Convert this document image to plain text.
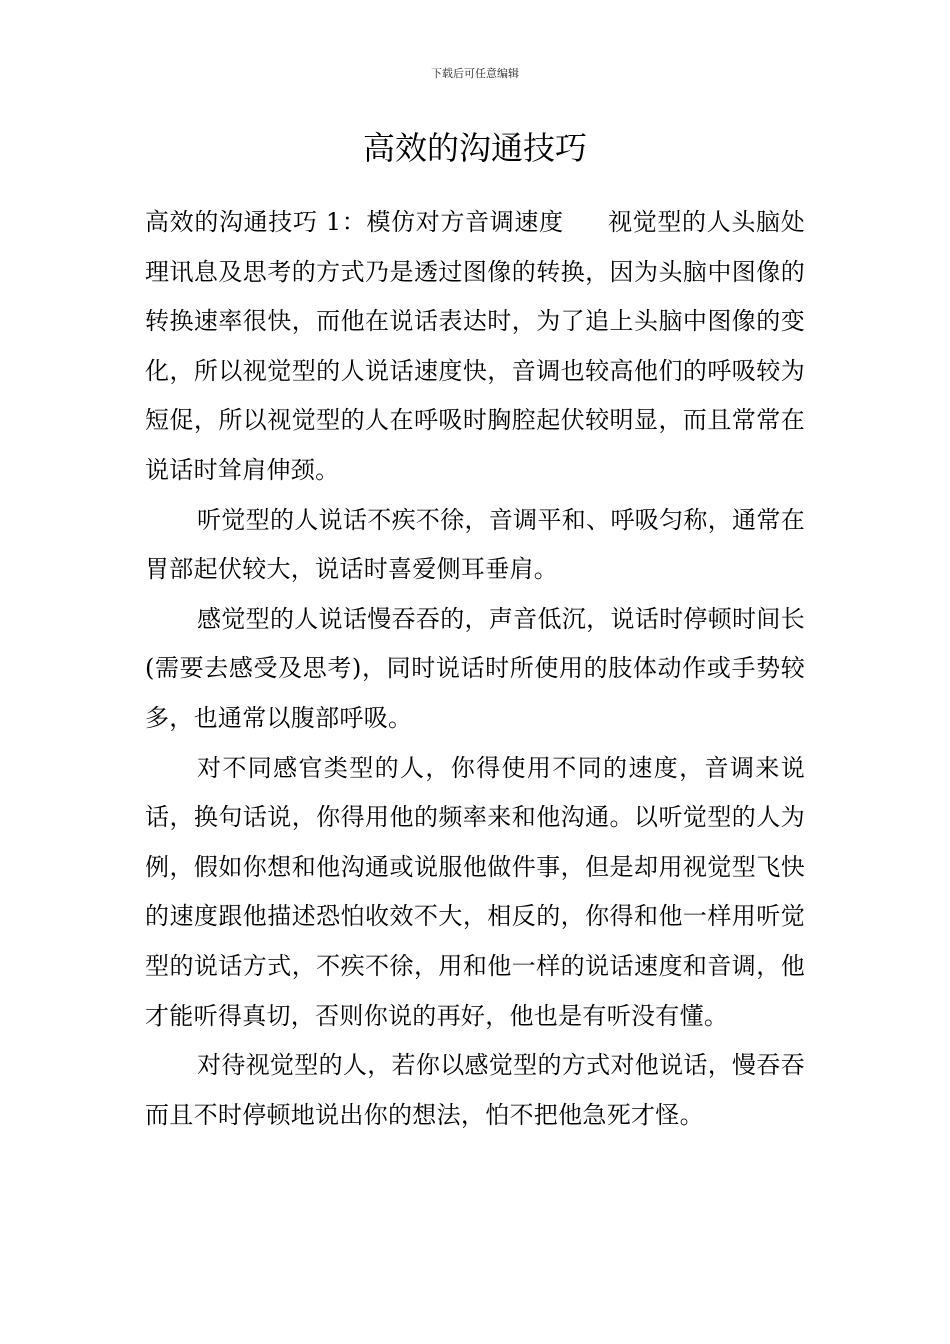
下载后可任意编辑
高效的沟通技巧

高效的沟通技巧 1：模仿对方音调速度 视觉型的人头脑处理讯息及思考的方式乃是透过图像的转换，因为头脑中图像的转换速率很快，而他在说话表达时，为了追上头脑中图像的变化，所以视觉型的人说话速度快，音调也较高他们的呼吸较为短促，所以视觉型的人在呼吸时胸腔起伏较明显，而且常常在说话时耸肩伸颈。

听觉型的人说话不疾不徐，音调平和、呼吸匀称，通常在胃部起伏较大，说话时喜爱侧耳垂肩。

感觉型的人说话慢吞吞的，声音低沉，说话时停顿时间长(需要去感受及思考)，同时说话时所使用的肢体动作或手势较多，也通常以腹部呼吸。

对不同感官类型的人，你得使用不同的速度，音调来说话，换句话说，你得用他的频率来和他沟通。以听觉型的人为例，假如你想和他沟通或说服他做件事，但是却用视觉型飞快的速度跟他描述恐怕收效不大，相反的，你得和他一样用听觉型的说话方式，不疾不徐，用和他一样的说话速度和音调，他才能听得真切，否则你说的再好，他也是有听没有懂。

对待视觉型的人，若你以感觉型的方式对他说话，慢吞吞而且不时停顿地说出你的想法，怕不把他急死才怪。
